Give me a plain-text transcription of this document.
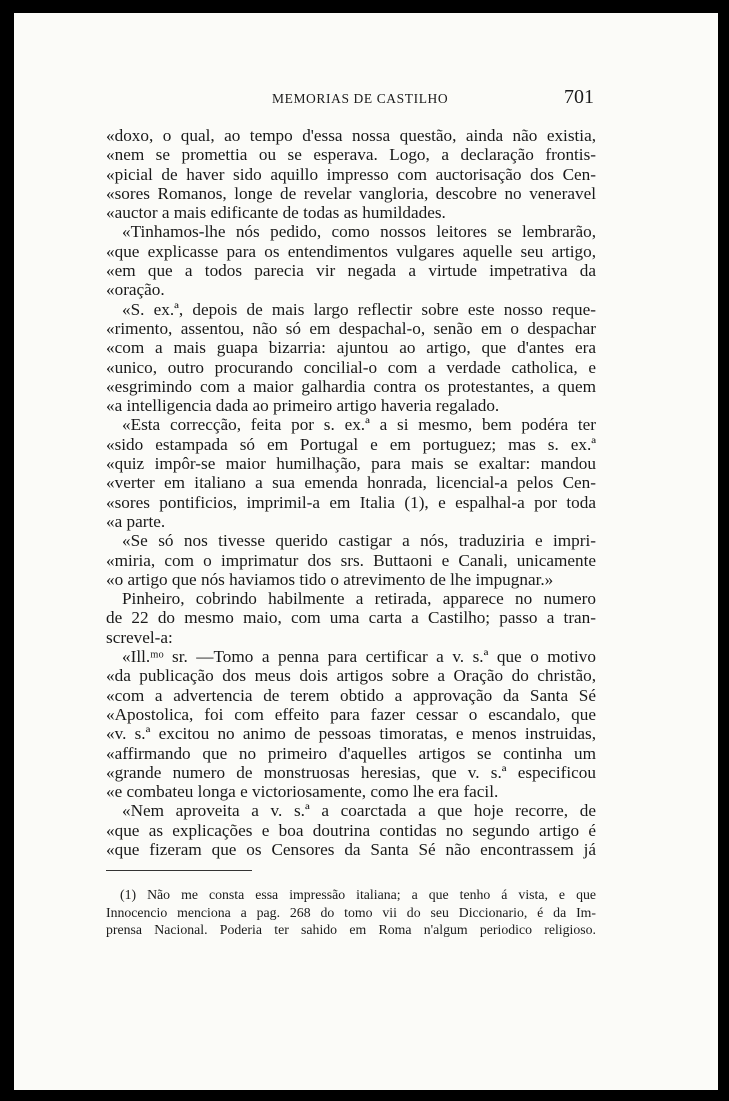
MEMORIAS DE CASTILHO	701
«doxo, o qual, ao tempo d'essa nossa questão, ainda não existia,
«nem se promettia ou se esperava. Logo, a declaração frontis-
«picial de haver sido aquillo impresso com auctorisação dos Cen-
«sores Romanos, longe de revelar vangloria, descobre no veneravel
«auctor a mais edificante de todas as humildades.
«Tinhamos-lhe nós pedido, como nossos leitores se lembrarão,
«que explicasse para os entendimentos vulgares aquelle seu artigo,
«em que a todos parecia vir negada a virtude impetrativa da
«oração.
«S. ex.ª, depois de mais largo reflectir sobre este nosso reque-
«rimento, assentou, não só em despachal-o, senão em o despachar
«com a mais guapa bizarria: ajuntou ao artigo, que d'antes era
«unico, outro procurando concilial-o com a verdade catholica, e
«esgrimindo com a maior galhardia contra os protestantes, a quem
«a intelligencia dada ao primeiro artigo haveria regalado.
«Esta correcção, feita por s. ex.ª a si mesmo, bem podéra ter
«sido estampada só em Portugal e em portuguez; mas s. ex.ª
«quiz impôr-se maior humilhação, para mais se exaltar: mandou
«verter em italiano a sua emenda honrada, licencial-a pelos Cen-
«sores pontificios, imprimil-a em Italia (1), e espalhal-a por toda
«a parte.
«Se só nos tivesse querido castigar a nós, traduziria e impri-
«miria, com o imprimatur dos srs. Buttaoni e Canali, unicamente
«o artigo que nós haviamos tido o atrevimento de lhe impugnar.»
Pinheiro, cobrindo habilmente a retirada, apparece no numero
de 22 do mesmo maio, com uma carta a Castilho; passo a tran-
screvel-a:
«Ill.ᵐᵒ sr. —Tomo a penna para certificar a v. s.ª que o motivo
«da publicação dos meus dois artigos sobre a Oração do christão,
«com a advertencia de terem obtido a approvação da Santa Sé
«Apostolica, foi com effeito para fazer cessar o escandalo, que
«v. s.ª excitou no animo de pessoas timoratas, e menos instruidas,
«affirmando que no primeiro d'aquelles artigos se continha um
«grande numero de monstruosas heresias, que v. s.ª especificou
«e combateu longa e victoriosamente, como lhe era facil.
«Nem aproveita a v. s.ª a coarctada a que hoje recorre, de
«que as explicações e boa doutrina contidas no segundo artigo é
«que fizeram que os Censores da Santa Sé não encontrassem já
(1) Não me consta essa impressão italiana; a que tenho á vista, e que
Innocencio menciona a pag. 268 do tomo vii do seu Diccionario, é da Im-
prensa Nacional. Poderia ter sahido em Roma n'algum periodico religioso.
